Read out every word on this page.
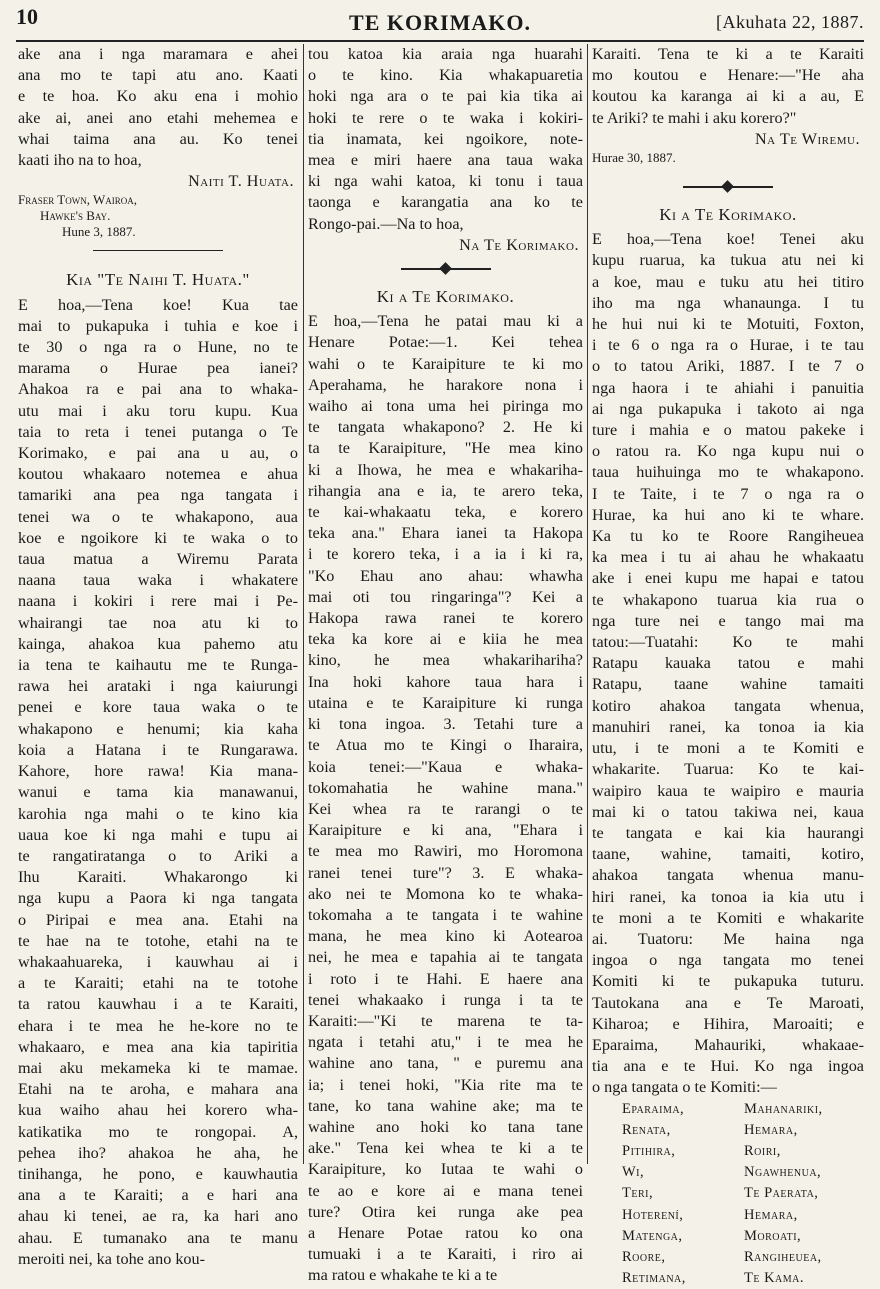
10	TE KORIMAKO.	[Akuhata 22, 1887.
ake ana i nga maramara e ahei
ana mo te tapi atu ano. Kaati
e te hoa. Ko aku ena i mohio
ake ai, anei ano etahi mehemea e
whai taima ana au. Ko tenei
kaati iho na to hoa,
Naiti T. Huata.
Fraser Town, Wairoa,
Hawke's Bay.
Hune 3, 1887.
Kia "Te Naihi T. Huata."
E hoa,—Tena koe! Kua tae
mai to pukapuka i tuhia e koe i
te 30 o nga ra o Hune, no te
marama o Hurae pea ianei?
Ahakoa ra e pai ana to whaka-
utu mai i aku toru kupu. Kua
taia to reta i tenei putanga o Te
Korimako, e pai ana u au, o
koutou whakaaro notemea e ahua
tamariki ana pea nga tangata i
tenei wa o te whakapono, aua
koe e ngoikore ki te waka o to
taua matua a Wiremu Parata
naana taua waka i whakatere
naana i kokiri i rere mai i Pe-
whairangi tae noa atu ki to
kainga, ahakoa kua pahemo atu
ia tena te kaihautu me te Runga-
rawa hei arataki i nga kaiurungi
penei e kore taua waka o te
whakapono e henumi; kia kaha
koia a Hatana i te Rungarawa.
Kahore, hore rawa! Kia mana-
wanui e tama kia manawanui,
karohia nga mahi o te kino kia
uaua koe ki nga mahi e tupu ai
te rangatiratanga o to Ariki a
Ihu Karaiti. Whakarongo ki
nga kupu a Paora ki nga tangata
o Piripai e mea ana. Etahi na
te hae na te totohe, etahi na te
whakaahuareka, i kauwhau ai i
a te Karaiti; etahi na te totohe
ta ratou kauwhau i a te Karaiti,
ehara i te mea he he-kore no te
whakaaro, e mea ana kia tapiritia
mai aku mekameka ki te mamae.
Etahi na te aroha, e mahara ana
kua waiho ahau hei korero wha-
katikatika mo te rongopai. A,
pehea iho? ahakoa he aha, he
tinihanga, he pono, e kauwhautia
ana a te Karaiti; a e hari ana
ahau ki tenei, ae ra, ka hari ano
ahau. E tumanako ana te manu
meroiti nei, ka tohe ano kou-
tou katoa kia araia nga huarahi
o te kino. Kia whakapuaretia
hoki nga ara o te pai kia tika ai
hoki te rere o te waka i kokiri-
tia inamata, kei ngoikore, note-
mea e miri haere ana taua waka
ki nga wahi katoa, ki tonu i taua
taonga e karangatia ana ko te
Rongo-pai.—Na to hoa,
Na Te Korimako.
Ki a Te Korimako.
E hoa,—Tena he patai mau ki a
Henare Potae:—1. Kei tehea
wahi o te Karaipiture te ki mo
Aperahama, he harakore nona i
waiho ai tona uma hei piringa mo
te tangata whakapono? 2. He ki
ta te Karaipiture, "He mea kino
ki a Ihowa, he mea e whakariha-
rihangia ana e ia, te arero teka,
te kai-whakaatu teka, e korero
teka ana." Ehara ianei ta Hakopa
i te korero teka, i a ia i ki ra,
"Ko Ehau ano ahau: whawha
mai oti tou ringaringa"? Kei a
Hakopa rawa ranei te korero
teka ka kore ai e kiia he mea
kino, he mea whakarihariha?
Ina hoki kahore taua hara i
utaina e te Karaipiture ki runga
ki tona ingoa. 3. Tetahi ture a
te Atua mo te Kingi o Iharaira,
koia tenei:—"Kaua e whaka-
tokomahatia he wahine mana."
Kei whea ra te rarangi o te
Karaipiture e ki ana, "Ehara i
te mea mo Rawiri, mo Horomona
ranei tenei ture"? 3. E whaka-
ako nei te Momona ko te whaka-
tokomaha a te tangata i te wahine
mana, he mea kino ki Aotearoa
nei, he mea e tapahia ai te tangata
i roto i te Hahi. E haere ana
tenei whakaako i runga i ta te
Karaiti:—"Ki te marena te ta-
ngata i tetahi atu," i te mea he
wahine ano tana, " e puremu ana
ia; i tenei hoki, "Kia rite ma te
tane, ko tana wahine ake; ma te
wahine ano hoki ko tana tane
ake." Tena kei whea te ki a te
Karaipiture, ko Iutaa te wahi o
te ao e kore ai e mana tenei
ture? Otira kei runga ake pea
a Henare Potae ratou ko ona
tumuaki i a te Karaiti, i riro ai
ma ratou e whakahe te ki a te
Karaiti. Tena te ki a te Karaiti
mo koutou e Henare:—"He aha
koutou ka karanga ai ki a au, E
te Ariki? te mahi i aku korero?"
Na Te Wiremu.
Hurae 30, 1887.
Ki a Te Korimako.
E hoa,—Tena koe! Tenei aku
kupu ruarua, ka tukua atu nei ki
a koe, mau e tuku atu hei titiro
iho ma nga whanaunga. I tu
he hui nui ki te Motuiti, Foxton,
i te 6 o nga ra o Hurae, i te tau
o to tatou Ariki, 1887. I te 7 o
nga haora i te ahiahi i panuitia
ai nga pukapuka i takoto ai nga
ture i mahia e o matou pakeke i
o ratou ra. Ko nga kupu nui o
taua huihuinga mo te whakapono.
I te Taite, i te 7 o nga ra o
Hurae, ka hui ano ki te whare.
Ka tu ko te Roore Rangiheuea
ka mea i tu ai ahau he whakaatu
ake i enei kupu me hapai e tatou
te whakapono tuarua kia rua o
nga ture nei e tango mai ma
tatou:—Tuatahi: Ko te mahi
Ratapu kauaka tatou e mahi
Ratapu, taane wahine tamaiti
kotiro ahakoa tangata whenua,
manuhiri ranei, ka tonoa ia kia
utu, i te moni a te Komiti e
whakarite. Tuarua: Ko te kai-
waipiro kaua te waipiro e mauria
mai ki o tatou takiwa nei, kaua
te tangata e kai kia haurangi
taane, wahine, tamaiti, kotiro,
ahakoa tangata whenua manu-
hiri ranei, ka tonoa ia kia utu i
te moni a te Komiti e whakarite
ai. Tuatoru: Me haina nga
ingoa o nga tangata mo tenei
Komiti ki te pukapuka tuturu.
Tautokana ana e Te Maroati,
Kiharoa; e Hihira, Maroaiti; e
Eparaima, Mahauriki, whakaae-
tia ana e te Hui. Ko nga ingoa
o nga tangata o te Komiti:—
Eparaima,	Mahanariki,
Renata,	Hemara,
Pitihira,	Roiri,
Wi,	Ngawhenua,
Teri,	Te Paerata,
Hoterení,	Hemara,
Matenga,	Moroati,
Roore,	Rangiheuea,
Retimana,	Te Kama.
